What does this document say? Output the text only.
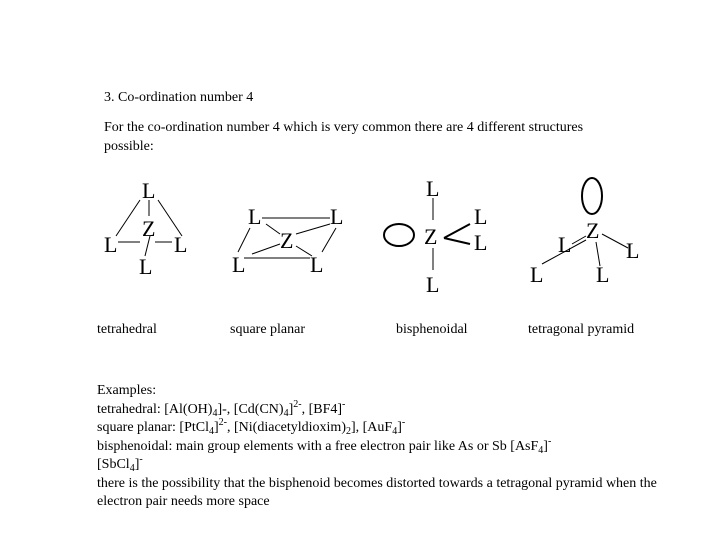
3. Co-ordination number 4
For the co-ordination number 4 which is very common there are 4 different structures possible:
L
Z
L	L
L
L	L
Z
L	L
L
Z
L
L
L
L
Z
L
L L
tetrahedral	square planar	bisphenoidal	tetragonal pyramid
Examples:
tetrahedral: $[Al(OH)_4]-$, $[Cd(CN)_4]^{2-}$, [BF4]-
square planar: [PtCl$_4$]$^{2-}$, $[Ni(diacetyldioxim)_2]$, [AuF$_4$]-
bisphenoidal: main group elements with a free electron pair like As or Sb [AsF$_4$]-
[SbCl$_4$]-
there is the possibility that the bisphenoid becomes distorted towards a tetragonal pyramid when the electron pair needs more space
